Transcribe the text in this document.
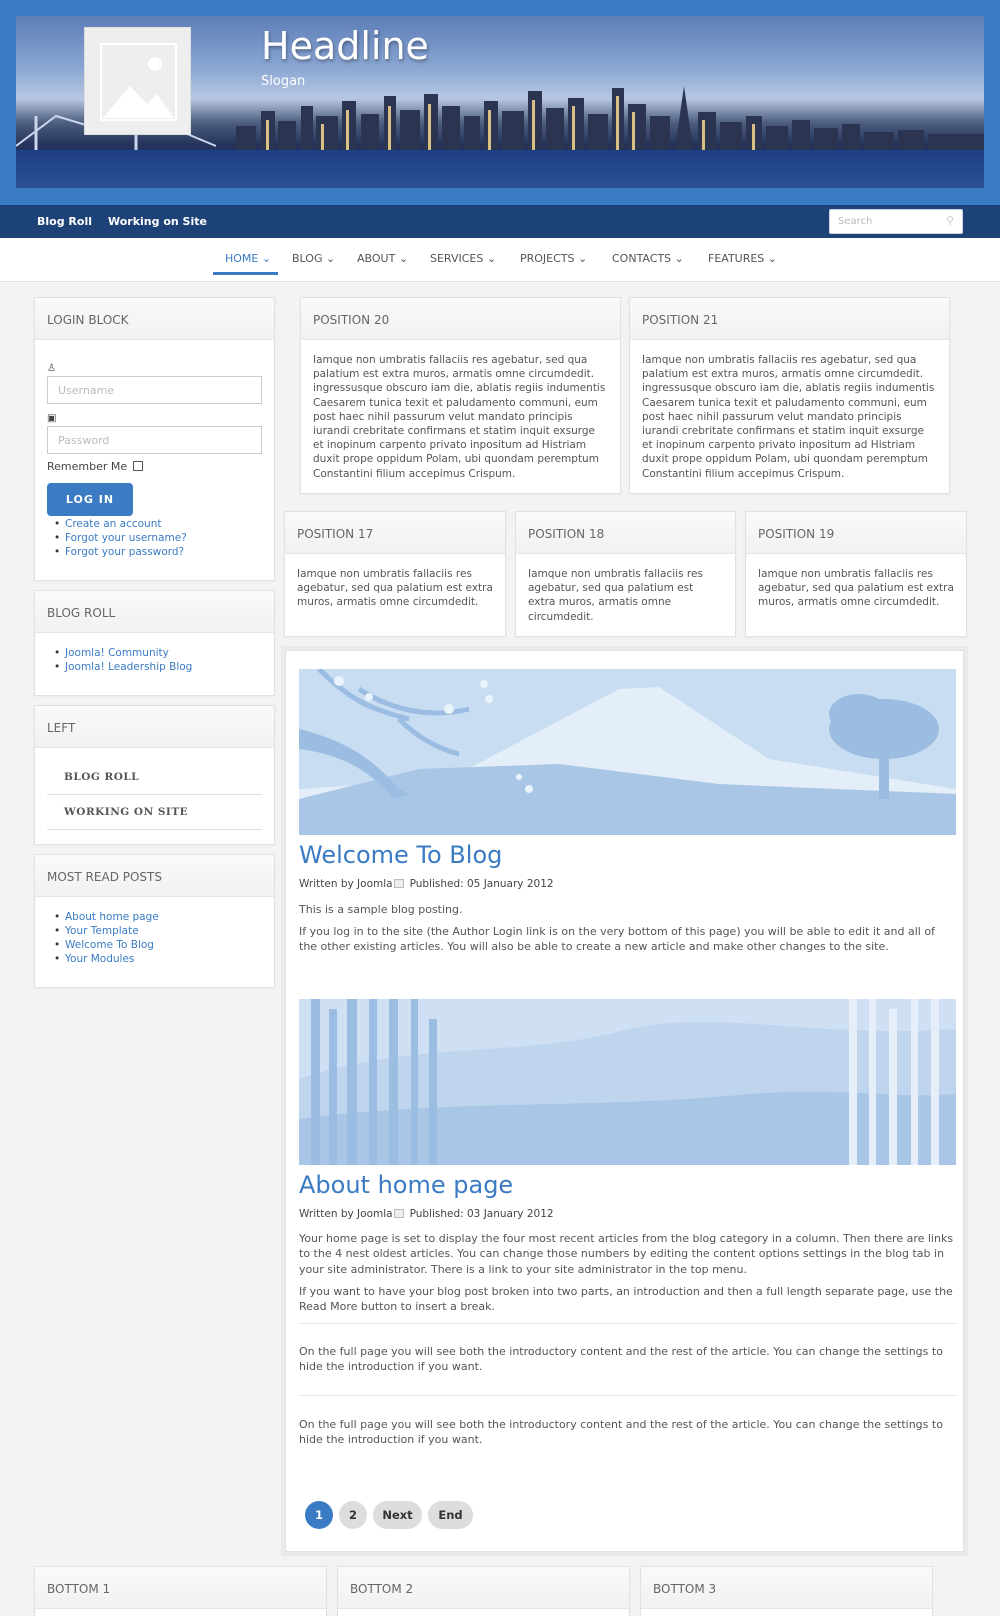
Headline
Slogan
Blog Roll Working on Site	Search	⚲
HOME ⌄ BLOG ⌄ ABOUT ⌄ SERVICES ⌄ PROJECTS ⌄ CONTACTS ⌄ FEATURES ⌄
LOGIN BLOCK
♙
Username
▣
Password
Remember Me
LOG IN
• Create an account
• Forgot your username?
• Forgot your password?
BLOG ROLL
• Joomla! Community
• Joomla! Leadership Blog
LEFT
BLOG ROLL
WORKING ON SITE
MOST READ POSTS
• About home page
• Your Template
• Welcome To Blog
• Your Modules
POSITION 20
Iamque non umbratis fallaciis res agebatur, sed qua palatium est extra muros, armatis omne circumdedit. ingressusque obscuro iam die, ablatis regiis indumentis Caesarem tunica texit et paludamento communi, eum post haec nihil passurum velut mandato principis iurandi crebritate confirmans et statim inquit exsurge et inopinum carpento privato inpositum ad Histriam duxit prope oppidum Polam, ubi quondam peremptum Constantini filium accepimus Crispum.
POSITION 21
Iamque non umbratis fallaciis res agebatur, sed qua palatium est extra muros, armatis omne circumdedit. ingressusque obscuro iam die, ablatis regiis indumentis Caesarem tunica texit et paludamento communi, eum post haec nihil passurum velut mandato principis iurandi crebritate confirmans et statim inquit exsurge et inopinum carpento privato inpositum ad Histriam duxit prope oppidum Polam, ubi quondam peremptum Constantini filium accepimus Crispum.
POSITION 17
Iamque non umbratis fallaciis res agebatur, sed qua palatium est extra muros, armatis omne circumdedit.
POSITION 18
Iamque non umbratis fallaciis res agebatur, sed qua palatium est extra muros, armatis omne circumdedit.
POSITION 19
Iamque non umbratis fallaciis res agebatur, sed qua palatium est extra muros, armatis omne circumdedit.
Welcome To Blog
Written by Joomla Published: 05 January 2012
This is a sample blog posting.
If you log in to the site (the Author Login link is on the very bottom of this page) you will be able to edit it and all of the other existing articles. You will also be able to create a new article and make other changes to the site.
About home page
Written by Joomla Published: 03 January 2012
Your home page is set to display the four most recent articles from the blog category in a column. Then there are links to the 4 nest oldest articles. You can change those numbers by editing the content options settings in the blog tab in your site administrator. There is a link to your site administrator in the top menu.
If you want to have your blog post broken into two parts, an introduction and then a full length separate page, use the Read More button to insert a break.
On the full page you will see both the introductory content and the rest of the article. You can change the settings to hide the introduction if you want.
On the full page you will see both the introductory content and the rest of the article. You can change the settings to hide the introduction if you want.
1	2	Next	End
BOTTOM 1	BOTTOM 2	BOTTOM 3
